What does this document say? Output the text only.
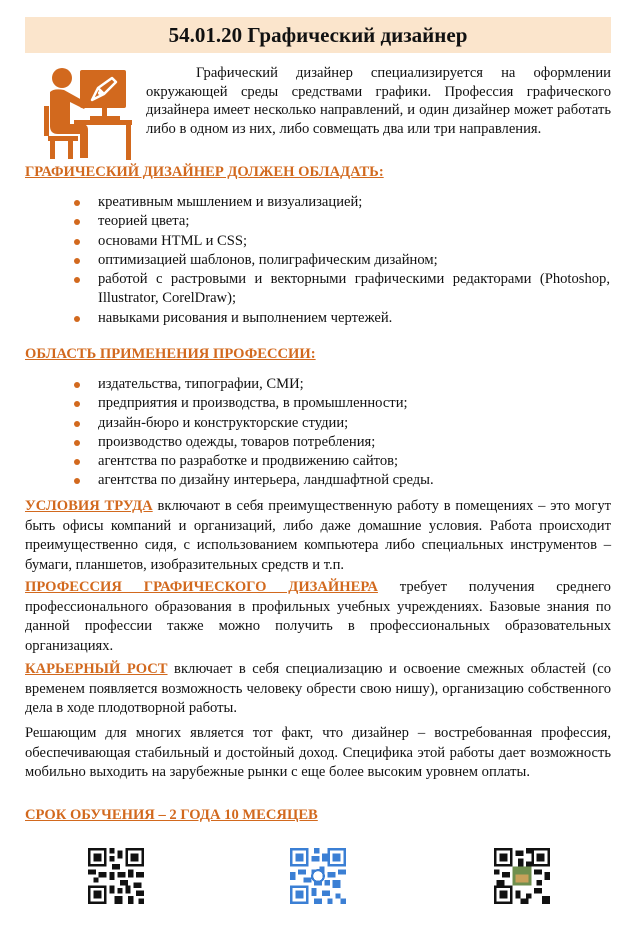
54.01.20 Графический дизайнер

Графический дизайнер специализируется на оформлении окружающей среды средствами графики. Профессия графического дизайнера имеет несколько направлений, и один дизайнер может работать либо в одном из них, либо совмещать два или три направления.

ГРАФИЧЕСКИЙ ДИЗАЙНЕР ДОЛЖЕН ОБЛАДАТЬ:
креативным мышлением и визуализацией;
теорией цвета;
основами HTML и CSS;
оптимизацией шаблонов, полиграфическим дизайном;
работой с растровыми и векторными графическими редакторами (Photoshop, Illustrator, CorelDraw);
навыками рисования и выполнением чертежей.
ОБЛАСТЬ ПРИМЕНЕНИЯ ПРОФЕССИИ:
издательства, типографии, СМИ;
предприятия и производства, в промышленности;
дизайн-бюро и конструкторские студии;
производство одежды, товаров потребления;
агентства по разработке и продвижению сайтов;
агентства по дизайну интерьера, ландшафтной среды.

УСЛОВИЯ ТРУДА включают в себя преимущественную работу в помещениях – это могут быть офисы компаний и организаций, либо даже домашние условия. Работа происходит преимущественно сидя, с использованием компьютера либо специальных инструментов – бумаги, планшетов, изобразительных средств и т.п.

ПРОФЕССИЯ ГРАФИЧЕСКОГО ДИЗАЙНЕРА требует получения среднего профессионального образования в профильных учебных учреждениях. Базовые знания по данной профессии также можно получить в профессиональных образовательных организациях.

КАРЬЕРНЫЙ РОСТ включает в себя специализацию и освоение смежных областей (со временем появляется возможность человеку обрести свою нишу), организацию собственного дела в ходе плодотворной работы.

Решающим для многих является тот факт, что дизайнер – востребованная профессия, обеспечивающая стабильный и достойный доход. Специфика этой работы дает возможность мобильно выходить на зарубежные рынки с еще более высоким уровнем оплаты.

СРОК ОБУЧЕНИЯ – 2 ГОДА 10 МЕСЯЦЕВ
